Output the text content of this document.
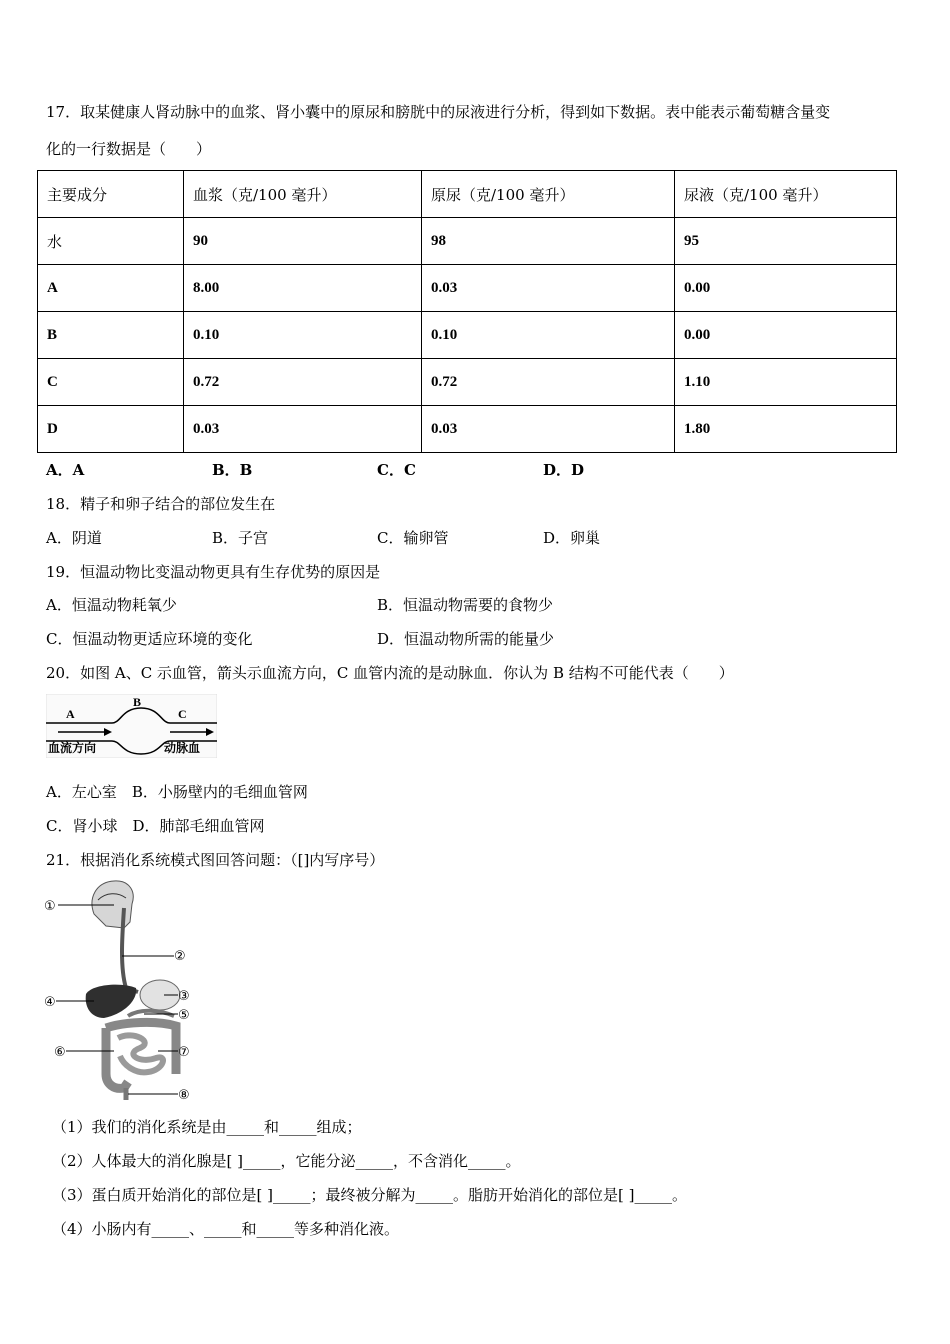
17．取某健康人肾动脉中的血浆、肾小囊中的原尿和膀胱中的尿液进行分析，得到如下数据。表中能表示葡萄糖含量变
化的一行数据是（　　）
主要成分	血浆（克/100 毫升）	原尿（克/100 毫升）	尿液（克/100 毫升）
水	90	98	95
A	8.00	0.03	0.00
B	0.10	0.10	0.00
C	0.72	0.72	1.10
D	0.03	0.03	1.80
A．A	B．B	C．C	D．D
18．精子和卵子结合的部位发生在
A．阴道	B．子宫	C．输卵管	D．卵巢
19．恒温动物比变温动物更具有生存优势的原因是
A．恒温动物耗氧少	B．恒温动物需要的食物少
C．恒温动物更适应环境的变化	D．恒温动物所需的能量少
20．如图 A、C 示血管，箭头示血流方向，C 血管内流的是动脉血．你认为 B 结构不可能代表（　　）
A
B
C
血流方向	动脉血
A．左心室　B．小肠壁内的毛细血管网
C．肾小球　D．肺部毛细血管网
21．根据消化系统模式图回答问题：（[]内写序号）
①
②
③
④
⑤
⑥	⑦
⑧
（1）我们的消化系统是由_____和_____组成；
（2）人体最大的消化腺是[ ]_____，它能分泌_____，不含消化_____。
（3）蛋白质开始消化的部位是[ ]_____；最终被分解为_____。脂肪开始消化的部位是[ ]_____。
（4）小肠内有_____、_____和_____等多种消化液。
